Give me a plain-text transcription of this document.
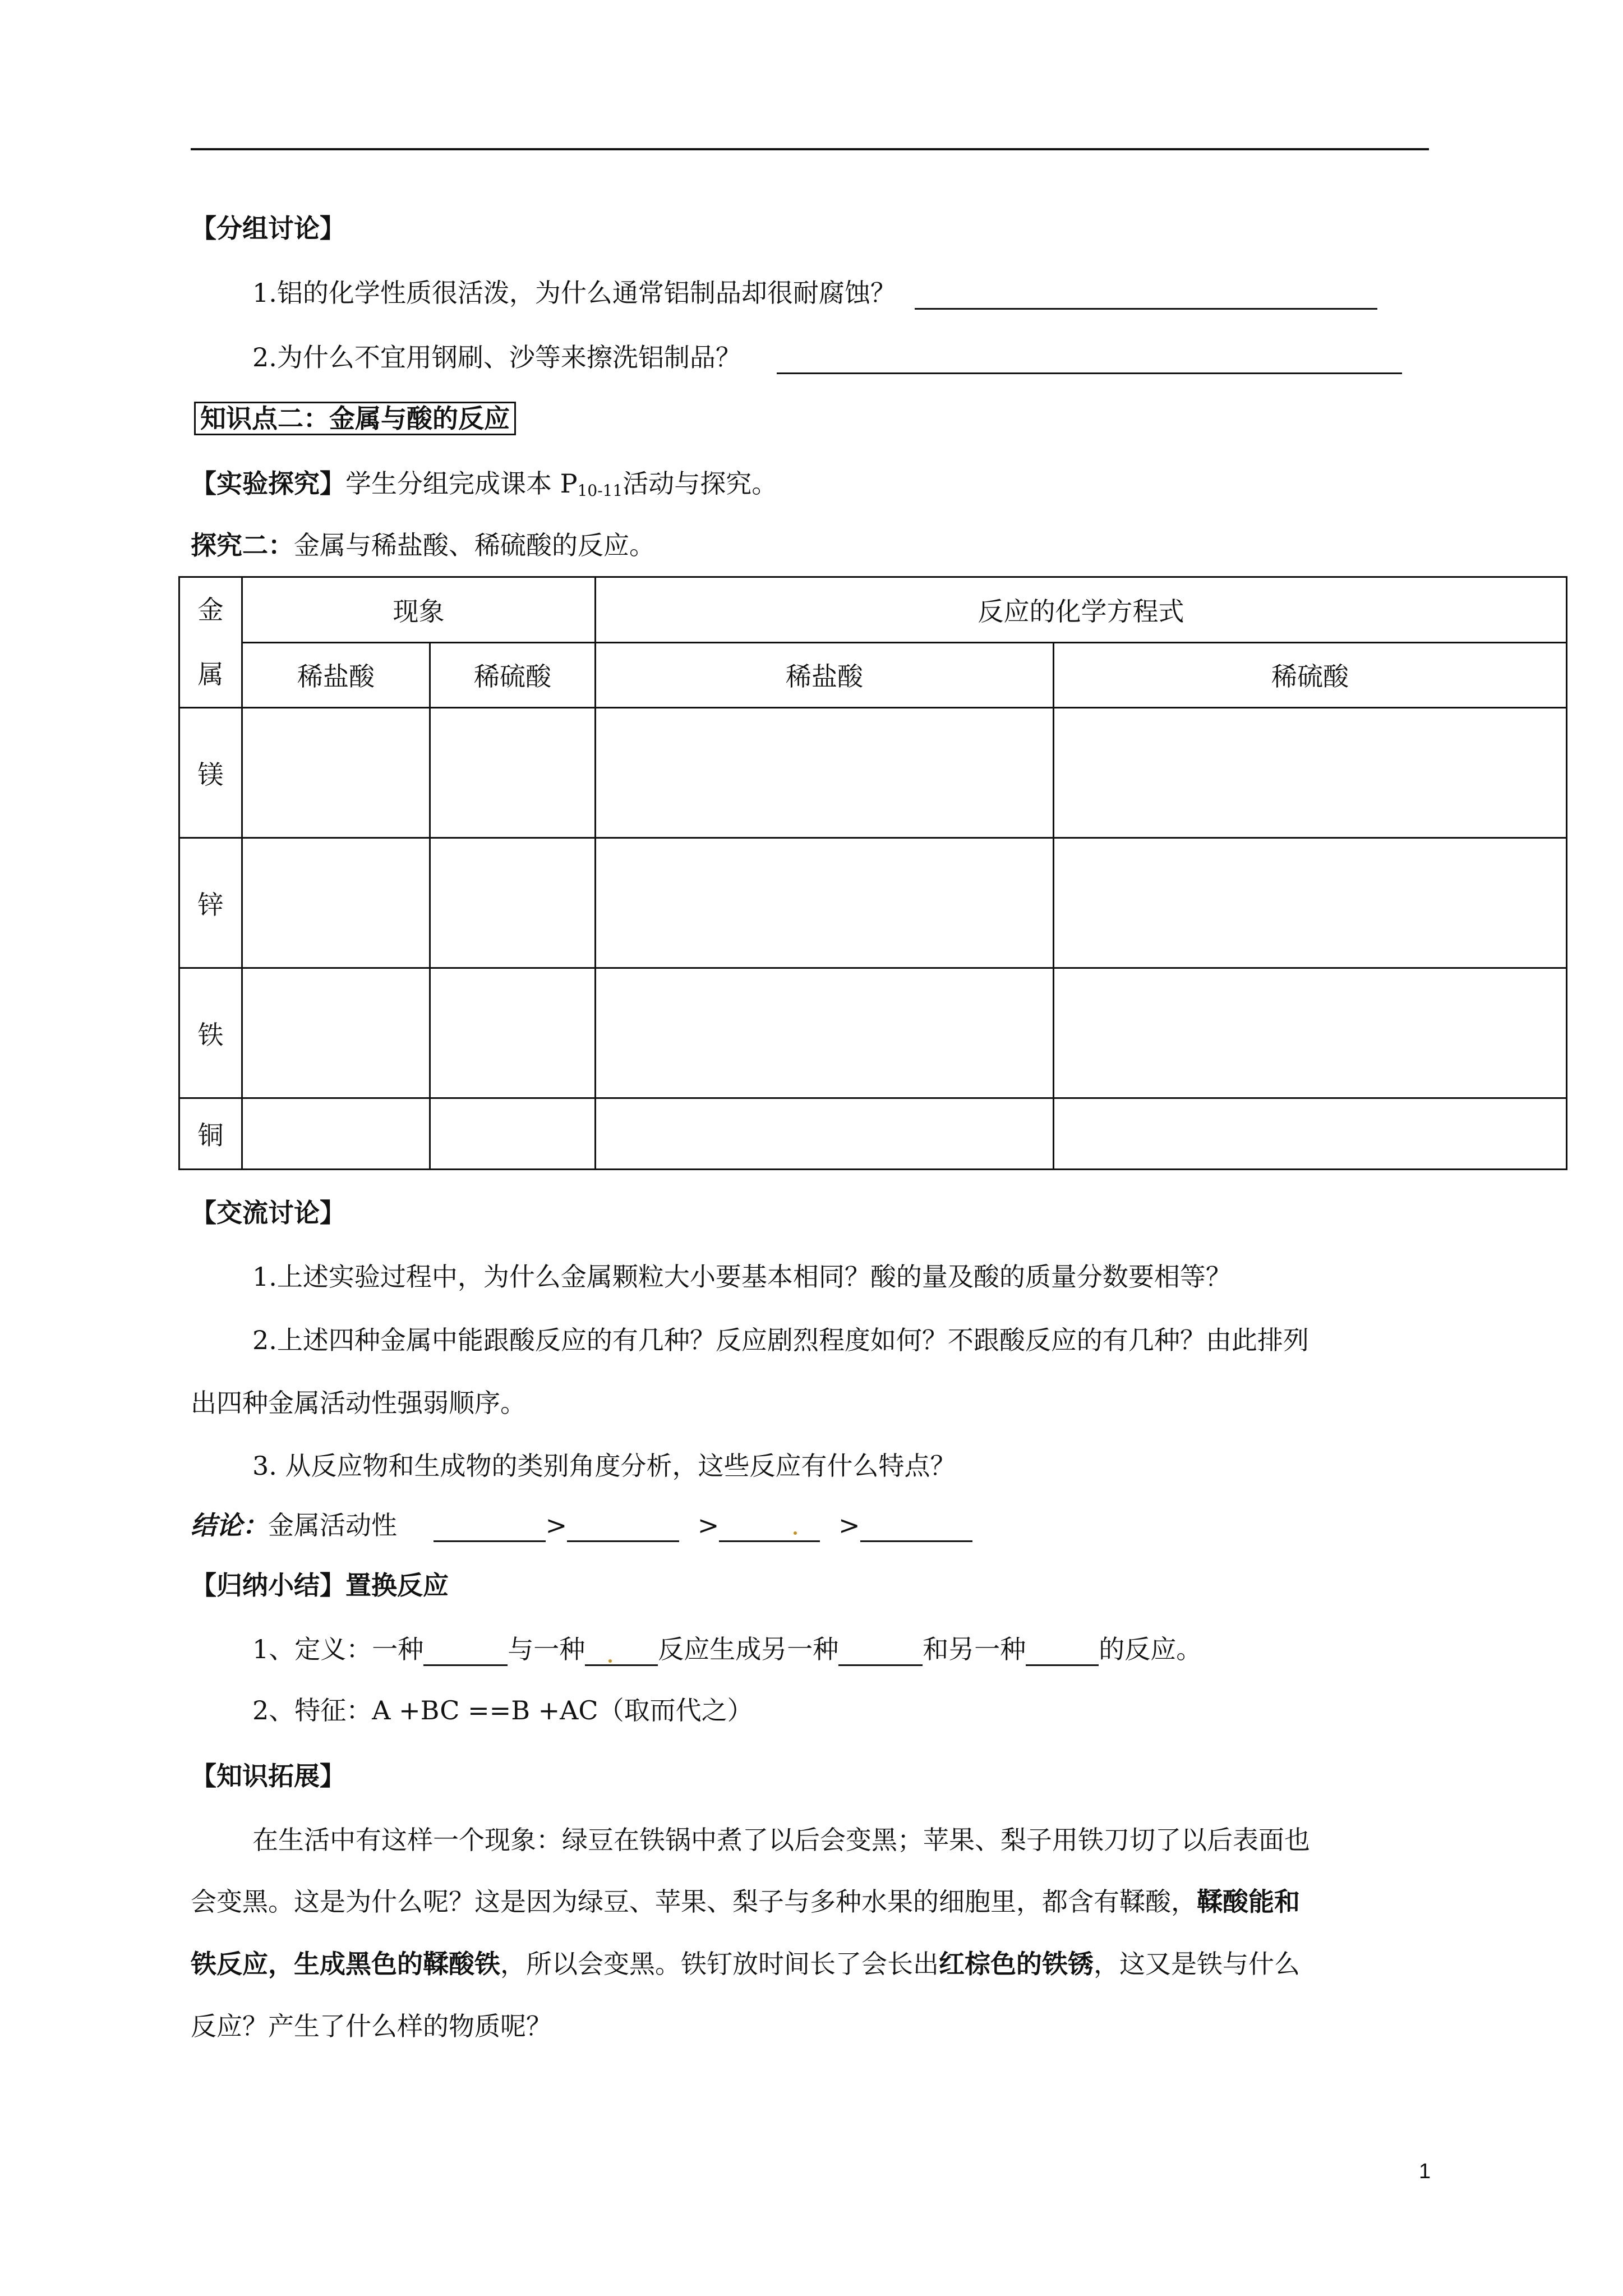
【分组讨论】
1.铝的化学性质很活泼，为什么通常铝制品却很耐腐蚀？
2.为什么不宜用钢刷、沙等来擦洗铝制品？
知识点二：金属与酸的反应
【实验探究】学生分组完成课本 $P_{10-11}$活动与探究。
探究二：金属与稀盐酸、稀硫酸的反应。
金
属	现象		反应的化学方程式	
	稀盐酸	稀硫酸	稀盐酸	稀硫酸
镁				
锌				
铁				
铜				
【交流讨论】
1.上述实验过程中，为什么金属颗粒大小要基本相同？酸的量及酸的质量分数要相等？
2.上述四种金属中能跟酸反应的有几种？反应剧烈程度如何？不跟酸反应的有几种？由此排列
出四种金属活动性强弱顺序。
3. 从反应物和生成物的类别角度分析，这些反应有什么特点？
结论：金属活动性	>	>	>
【归纳小结】置换反应
1、定义：一种	与一种	反应生成另一种	和另一种	的反应。
2、特征：A +BC ==B +AC（取而代之）
【知识拓展】
在生活中有这样一个现象：绿豆在铁锅中煮了以后会变黑；苹果、梨子用铁刀切了以后表面也
会变黑。这是为什么呢？这是因为绿豆、苹果、梨子与多种水果的细胞里，都含有鞣酸，鞣酸能和
铁反应，生成黑色的鞣酸铁，所以会变黑。铁钉放时间长了会长出红棕色的铁锈，这又是铁与什么
反应？产生了什么样的物质呢？
1
